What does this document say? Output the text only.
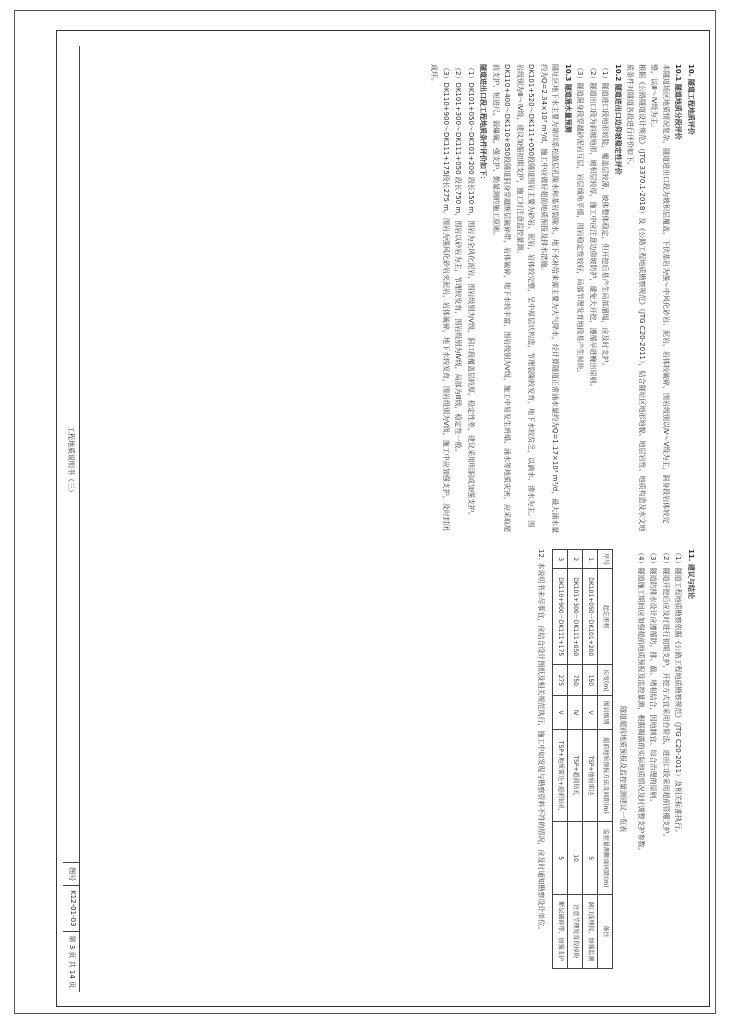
10. 隧道工程地质评价

10.1 隧道地质分段评价

本隧道场区地质情况复杂，隧道进出口段为坡积层覆盖，下伏基岩为强～中风化砂岩、泥岩，岩体较破碎，围岩级别以Ⅳ～Ⅴ级为主，洞身段岩体较完整，以Ⅲ～Ⅳ级为主。

根据《公路隧道设计规范》（JTG 3370.1-2018）及《公路工程地质勘察规范》（JTG C20-2011），结合隧址区地形地貌、地层岩性、地质构造及水文地质条件对隧道各段进行评价如下。

10.2 隧道进出口边仰坡稳定性评价

（1）隧道进口段地形较陡，覆盖层较薄，坡体整体稳定，但开挖后易产生局部溜塌，应及时支护。

（2）隧道出口段为斜坡地形，坡积层较厚，施工中应注意边仰坡防护，避免大开挖，遵循早进晚出原则。

（3）隧道洞身段穿越砂泥岩互层，岩层倾角平缓，围岩稳定性较好，局部节理发育地段易产生掉块。

10.3 隧道涌水量预测

隧址区地下水主要为第四系松散层孔隙水和基岩裂隙水，地下水补给来源主要为大气降水，经计算隧道正常涌水量约为Q=1.17×10³ m³/d，最大涌水量约为Q=2.34×10³ m³/d，施工中应做好超前地质预报及排水措施。

DK101+520～DK111+050段隧道围岩主要为砂岩、泥岩，岩体较完整，呈中厚层状构造，节理裂隙较发育，地下水较贫乏，以滴水、渗水为主。围岩级别为Ⅲ～Ⅳ级，建议加强初期支护，施工时注意监控量测。

DK110+400～DK110+850段隧道洞身穿越断层破碎带，岩体破碎，地下水较丰富，围岩级别为Ⅴ级，施工中易发生坍塌、涌水等地质灾害，应采取超前支护、短进尺、弱爆破、强支护、勤量测的施工原则。

隧道进出口段工程地质条件评价如下：

（1）DK101+050～DK101+200 段长150 m，围岩为全风化泥岩，围岩级别为Ⅴ级，洞口段覆盖层较厚，稳定性差，建议采用明洞或加强支护。

（2）DK101+300～DK111+050 段长750 m，围岩以砂岩为主，节理较发育，围岩级别为Ⅳ级，局部为Ⅲ级，稳定性一般。

（3）DK110+900～DK111+175段长275 m，围岩为强风化砂岩夹泥岩，岩体破碎，地下水较发育，围岩级别为Ⅴ级，施工中应加强支护，及时封闭成环。

11. 建议与结论

（1）隧道工程地质勘察依据《公路工程地质勘察规范》（JTG C20-2011）及相关标准执行。

（2）隧道开挖后应及时进行初期支护，开挖方式宜采用台阶法，进出口段采用超前管棚支护。

（3）隧道防排水设计应遵循防、排、截、堵相结合，因地制宜、综合治理的原则。

（4）隧道施工期间应加强超前地质预报及监控量测，根据揭露的实际地质情况及时调整支护参数。

隧道超前地质预报及监控量测建议一览表
序号	起讫里程	长度(m)	围岩级别	超前地质预报方法及间距(m)	监控量测断面间距(m)	备注
1	DK101+050～DK101+200	150	Ⅴ	TSP+地质雷达	5	洞口浅埋段，加强监测
2	DK101+300～DK111+050	750	Ⅳ	TSP+超前钻孔	10	注意节理发育段掉块
3	DK110+900～DK111+175	275	Ⅴ	TSP+地质雷达+超前钻孔	5	断层破碎带，加强支护

12. 本说明书未尽事宜，应结合设计图纸及相关规范执行，施工中如发现与勘察资料不符的情况，应及时通知勘察设计单位。

工程地质说明书（三）
图号
K12-01-03
第 3 页 共 14 页
